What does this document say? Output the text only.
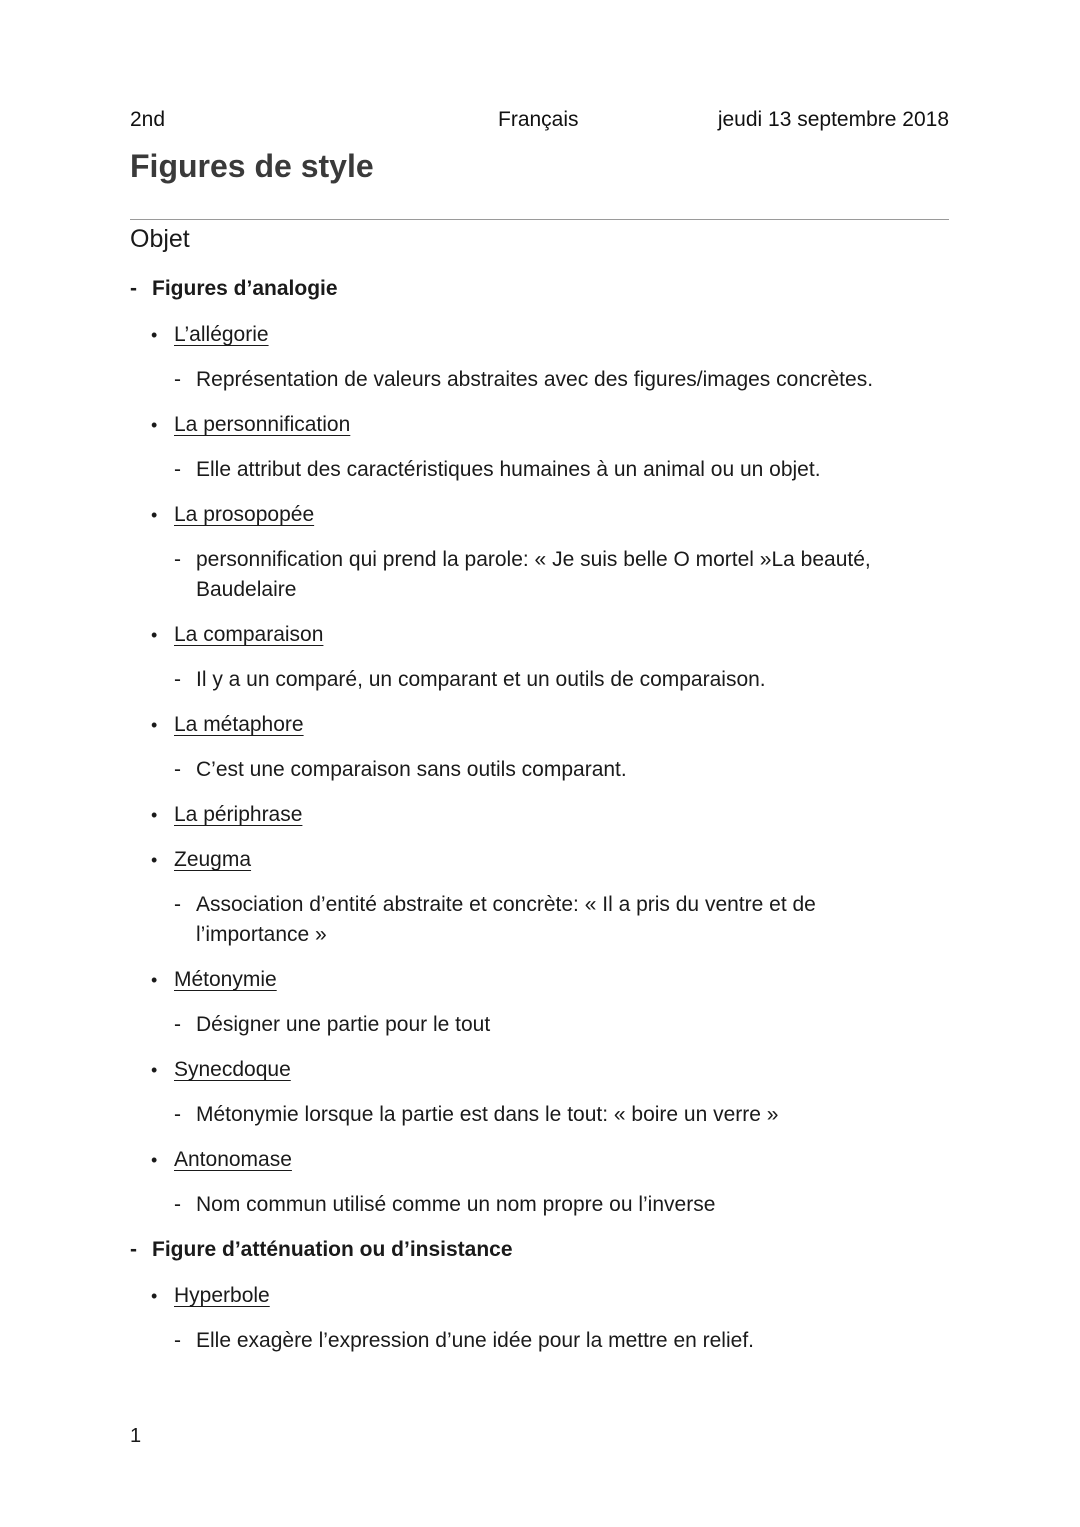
2nd	Français	jeudi 13 septembre 2018
Figures de style
Objet
- Figures d’analogie
• L’allégorie
- Représentation de valeurs abstraites avec des figures/images concrètes.
• La personnification
- Elle attribut des caractéristiques humaines à un animal ou un objet.
• La prosopopée
- personnification qui prend la parole: « Je suis belle O mortel »La beauté, Baudelaire
• La comparaison
- Il y a un comparé, un comparant et un outils de comparaison.
• La métaphore
- C’est une comparaison sans outils comparant.
• La périphrase
• Zeugma
- Association d’entité abstraite et concrète: « Il a pris du ventre et de l’importance »
• Métonymie
- Désigner une partie pour le tout
• Synecdoque
- Métonymie lorsque la partie est dans le tout: « boire un verre »
• Antonomase
- Nom commun utilisé comme un nom propre ou l’inverse
- Figure d’atténuation ou d’insistance
• Hyperbole
- Elle exagère l’expression d’une idée pour la mettre en relief.
1
